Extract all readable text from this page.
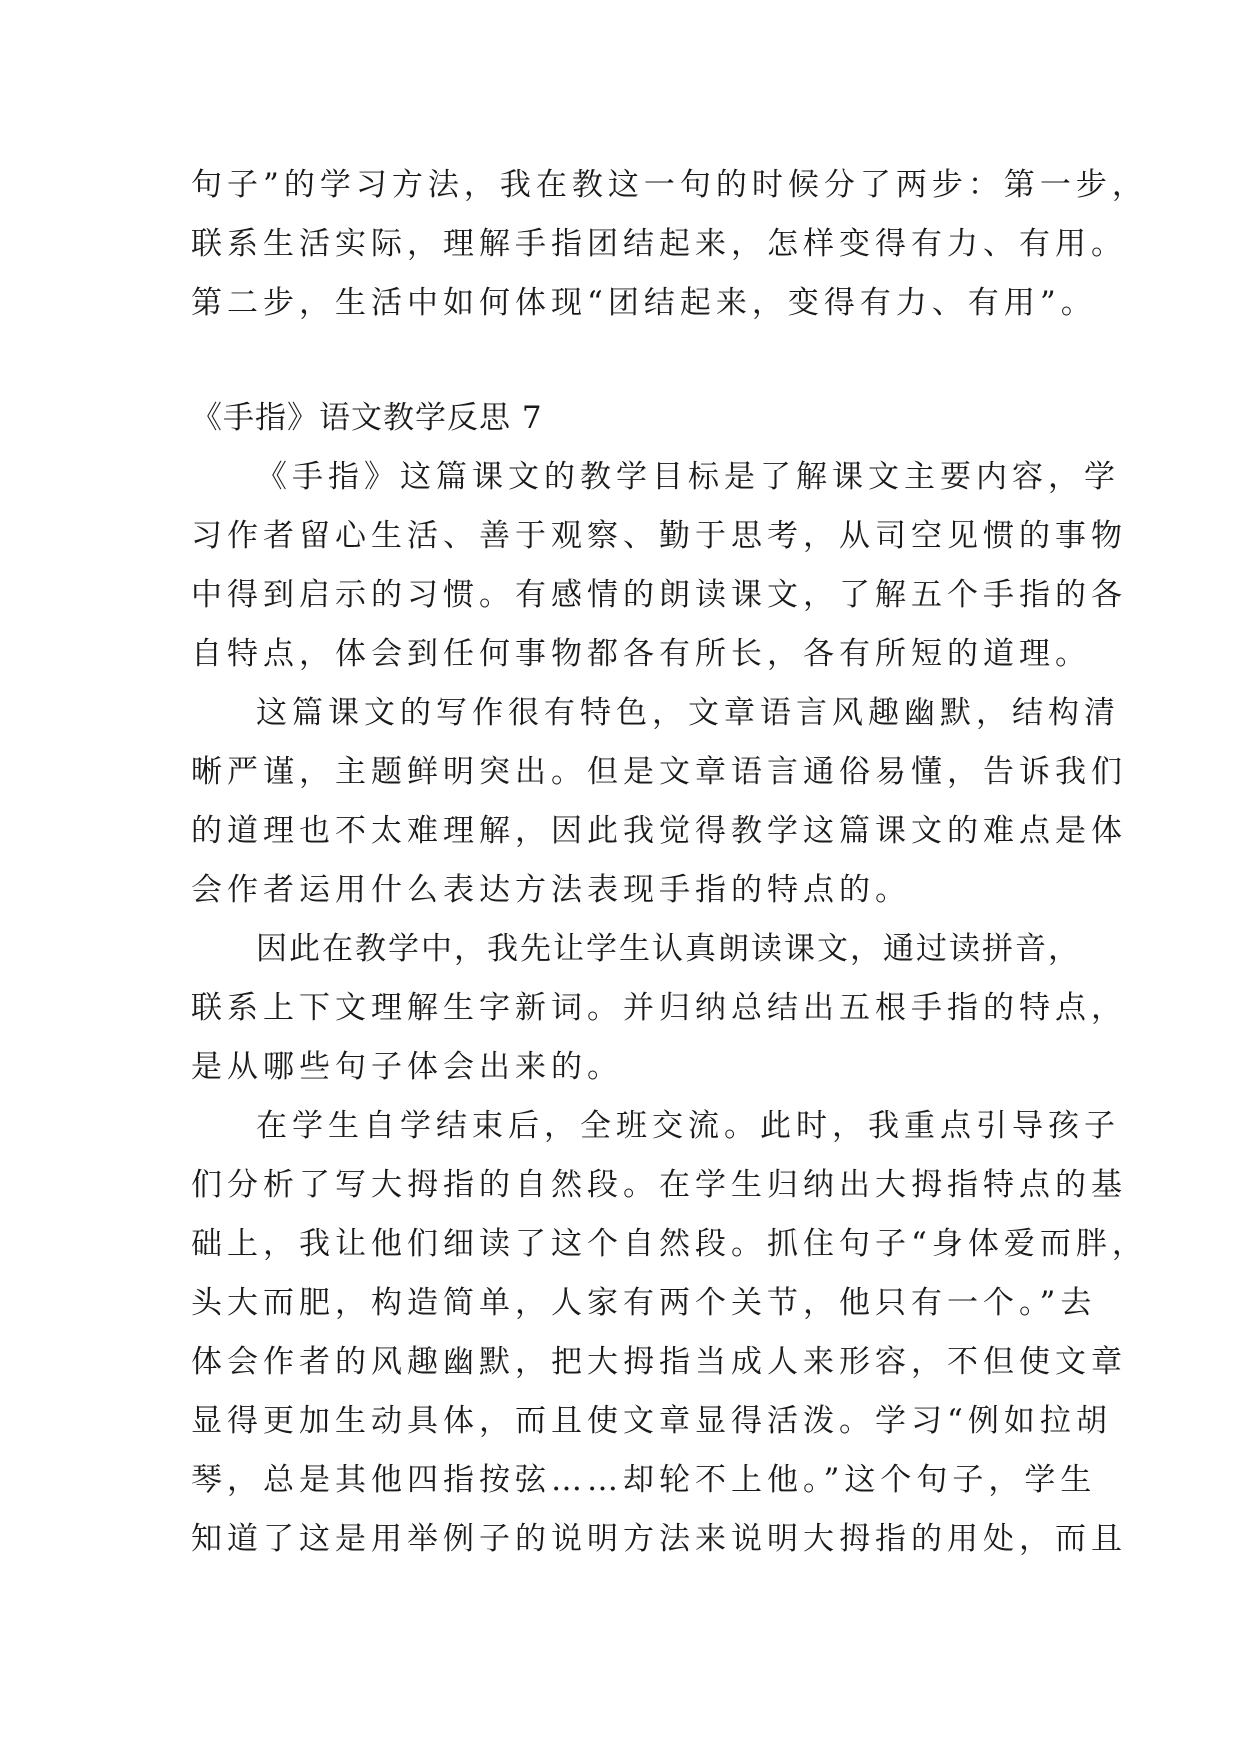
句子”的学习方法，我在教这一句的时候分了两步：第一步，
联系生活实际，理解手指团结起来，怎样变得有力、有用。
第二步，生活中如何体现“团结起来，变得有力、有用”。
《手指》语文教学反思 7
《手指》这篇课文的教学目标是了解课文主要内容，学
习作者留心生活、善于观察、勤于思考，从司空见惯的事物
中得到启示的习惯。有感情的朗读课文，了解五个手指的各
自特点，体会到任何事物都各有所长，各有所短的道理。
这篇课文的写作很有特色，文章语言风趣幽默，结构清
晰严谨，主题鲜明突出。但是文章语言通俗易懂，告诉我们
的道理也不太难理解，因此我觉得教学这篇课文的难点是体
会作者运用什么表达方法表现手指的特点的。
因此在教学中，我先让学生认真朗读课文，通过读拼音，
联系上下文理解生字新词。并归纳总结出五根手指的特点，
是从哪些句子体会出来的。
在学生自学结束后，全班交流。此时，我重点引导孩子
们分析了写大拇指的自然段。在学生归纳出大拇指特点的基
础上，我让他们细读了这个自然段。抓住句子“身体爱而胖，
头大而肥，构造简单，人家有两个关节，他只有一个。”去
体会作者的风趣幽默，把大拇指当成人来形容，不但使文章
显得更加生动具体，而且使文章显得活泼。学习“例如拉胡
琴，总是其他四指按弦……却轮不上他。”这个句子，学生
知道了这是用举例子的说明方法来说明大拇指的用处，而且
